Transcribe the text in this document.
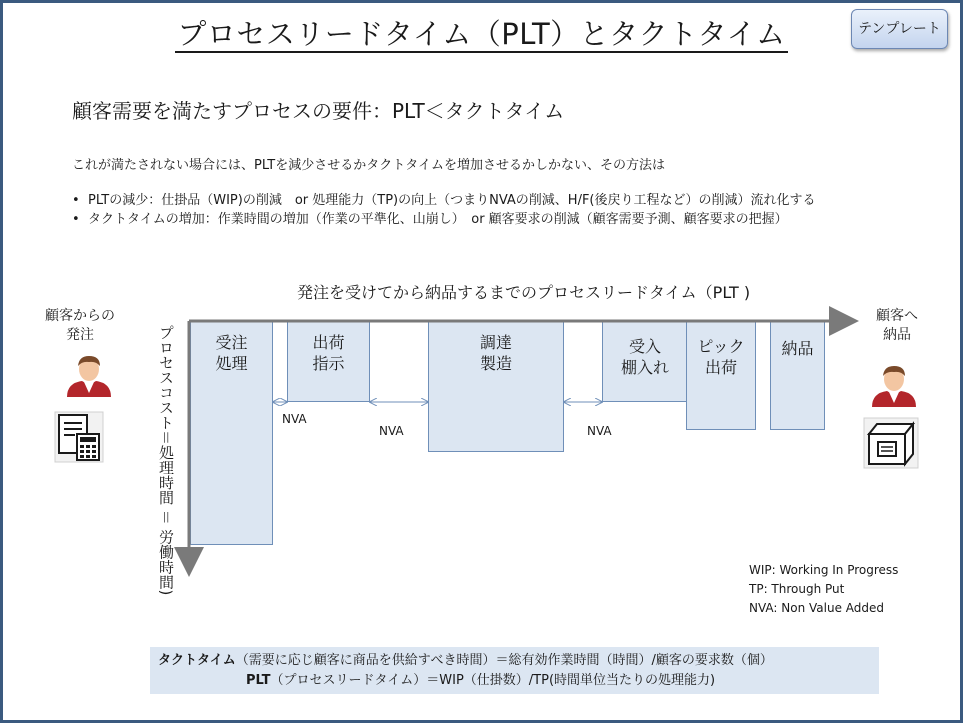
プロセスリードタイム（PLT）とタクトタイム	テンプレート
顧客需要を満たすプロセスの要件：PLT＜タクトタイム
これが満たされない場合には、PLTを減少させるかタクトタイムを増加させるかしかない、その方法は
• PLTの減少：仕掛品（WIP)の削減　or 処理能力（TP)の向上（つまりNVAの削減、H/F(後戻り工程など）の削減）流れ化する
• タクトタイムの増加：作業時間の増加（作業の平準化、山崩し）　or 顧客要求の削減（顧客需要予測、顧客要求の把握）
発注を受けてから納品するまでのプロセスリードタイム（PLT )
プロセスコスト＝処理時間 ＝ 労働時間)	受注
処理
出荷
指示
調達
製造
受入
棚入れ
ピック
出荷
納品
NVA
NVA	NVA
顧客からの
発注
顧客へ
納品
WIP: Working In Progress
TP: Through Put
NVA: Non Value Added
タクトタイム（需要に応じ顧客に商品を供給すべき時間）＝総有効作業時間（時間）/顧客の要求数（個）
PLT（プロセスリードタイム）＝WIP（仕掛数）/TP(時間単位当たりの処理能力)
